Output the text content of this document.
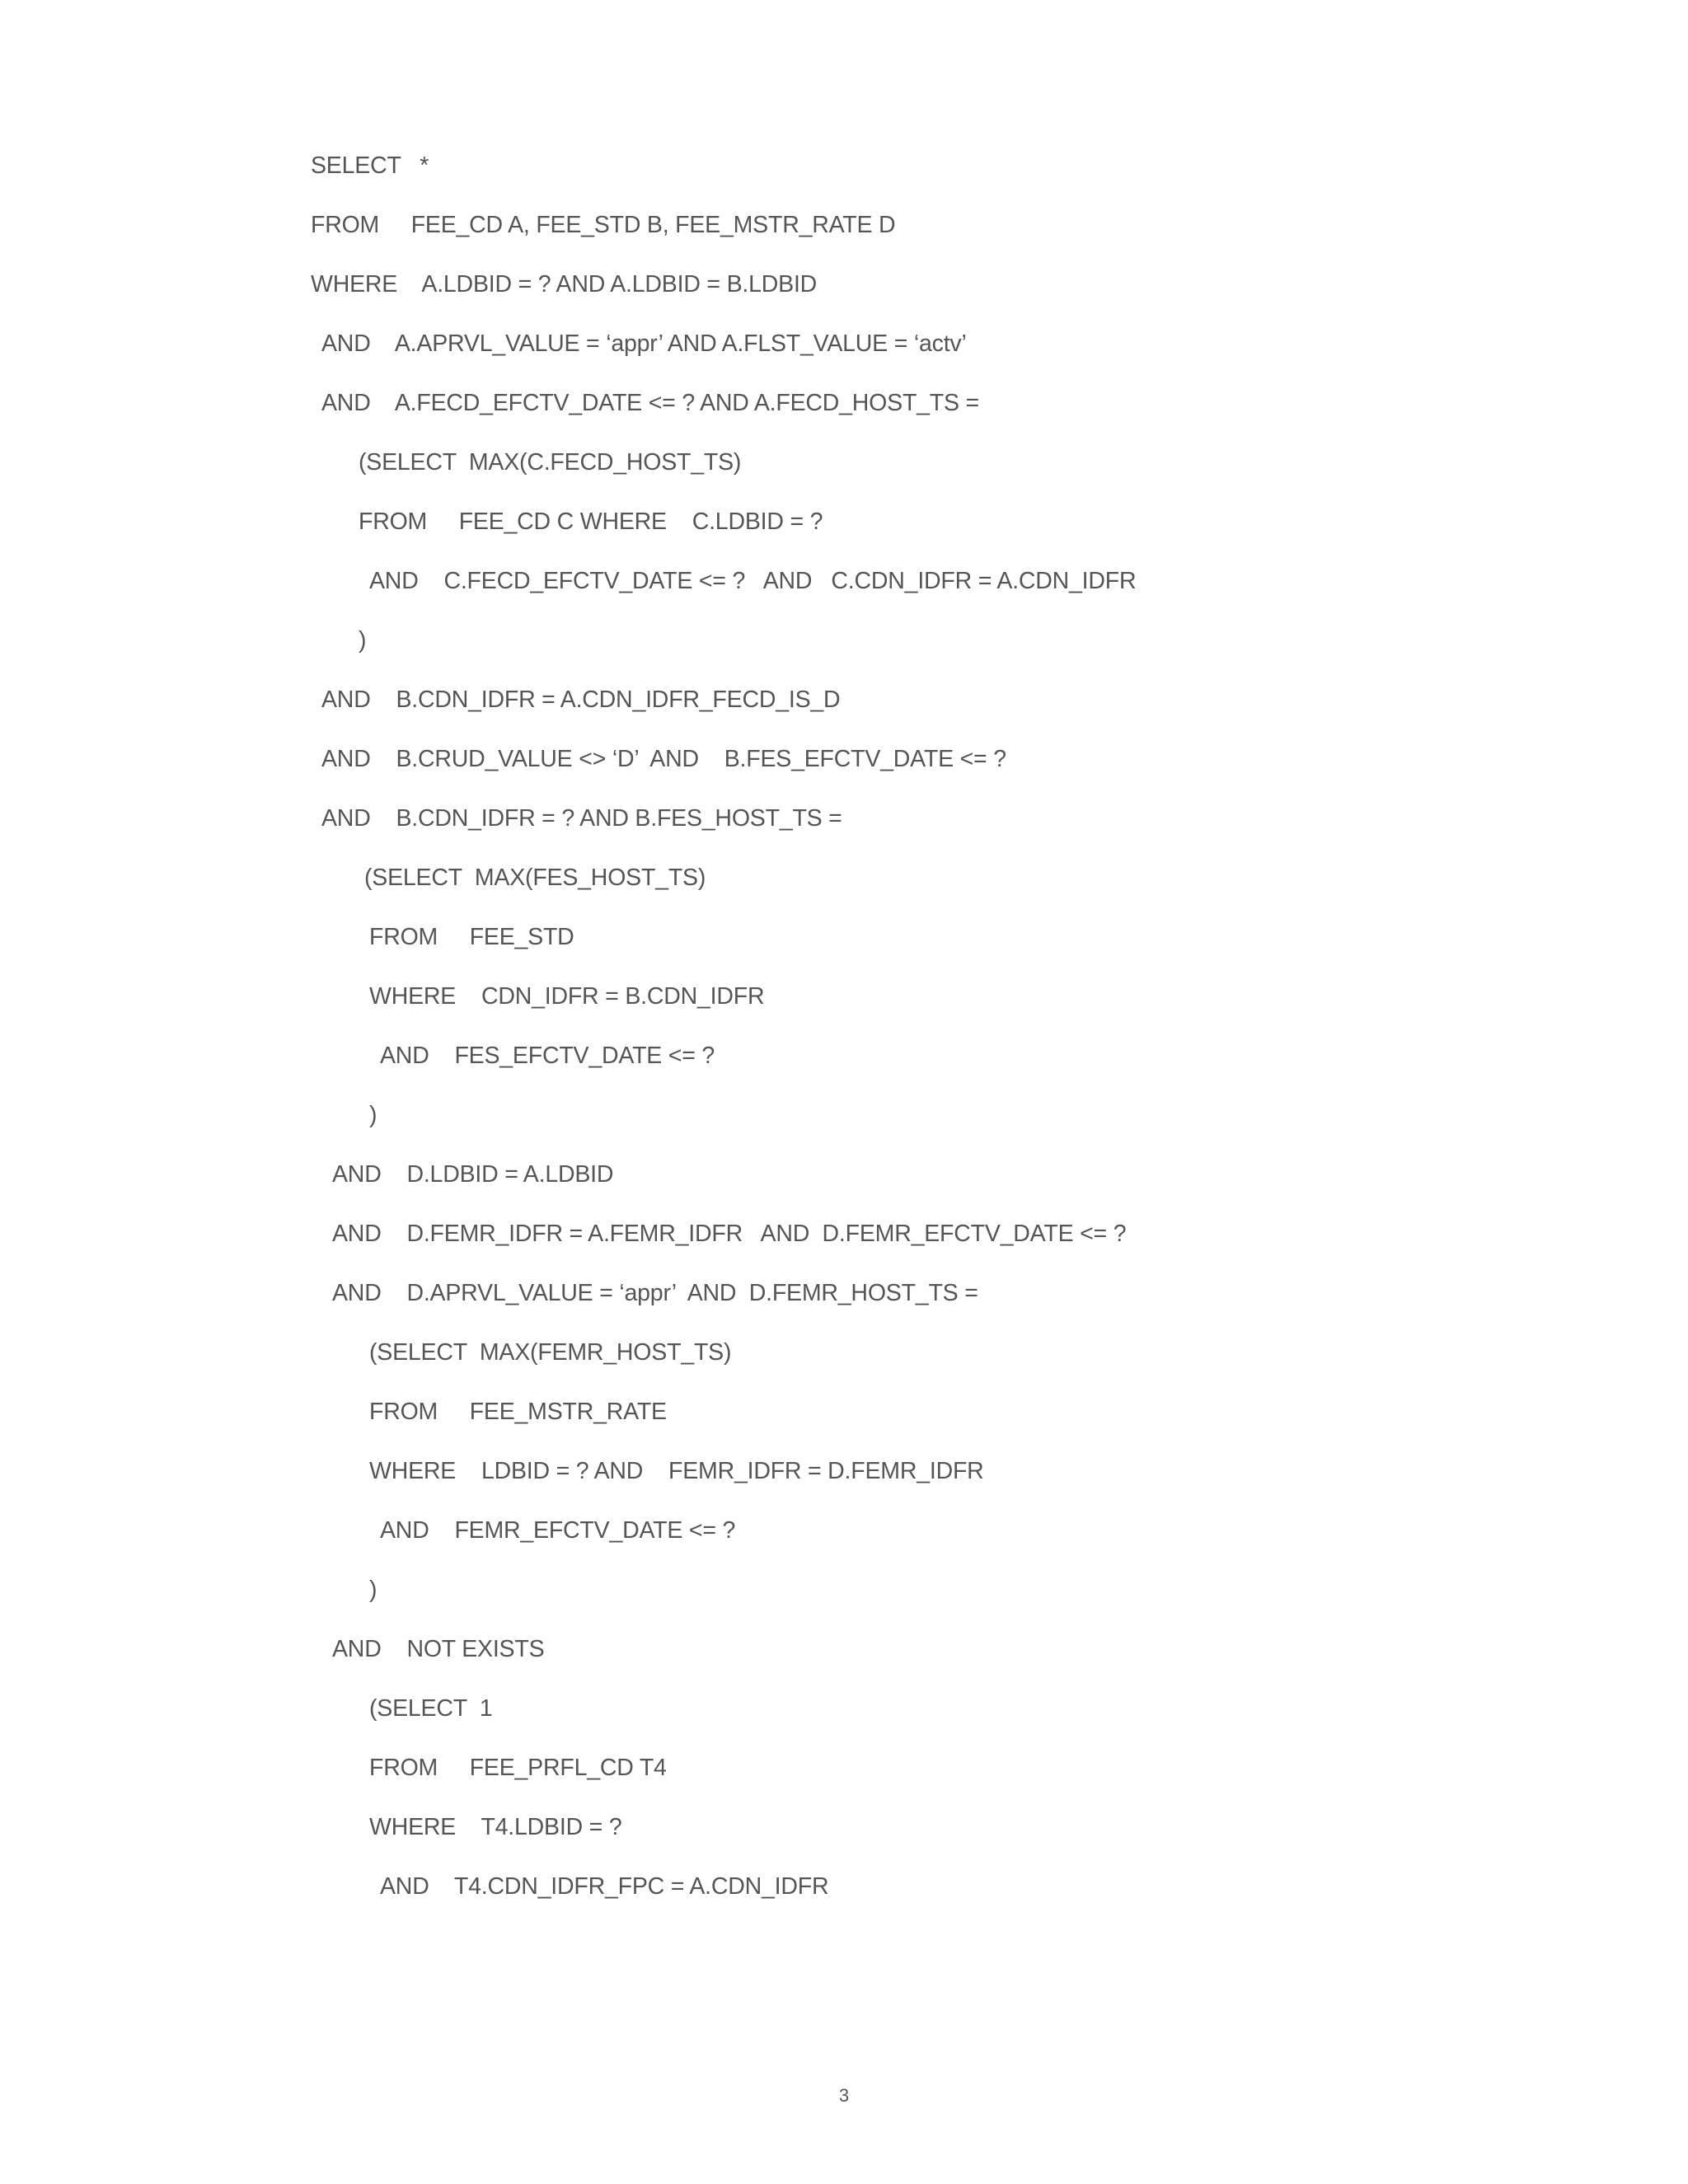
SELECT   *
FROM     FEE_CD A, FEE_STD B, FEE_MSTR_RATE D
WHERE    A.LDBID = ? AND A.LDBID = B.LDBID
AND    A.APRVL_VALUE = ‘appr’ AND A.FLST_VALUE = ‘actv’
AND    A.FECD_EFCTV_DATE <= ? AND A.FECD_HOST_TS =
(SELECT  MAX(C.FECD_HOST_TS)
FROM     FEE_CD C WHERE    C.LDBID = ?
AND    C.FECD_EFCTV_DATE <= ?   AND   C.CDN_IDFR = A.CDN_IDFR
)
AND    B.CDN_IDFR = A.CDN_IDFR_FECD_IS_D
AND    B.CRUD_VALUE <> ‘D’  AND    B.FES_EFCTV_DATE <= ?
AND    B.CDN_IDFR = ? AND B.FES_HOST_TS =
(SELECT  MAX(FES_HOST_TS)
FROM     FEE_STD
WHERE    CDN_IDFR = B.CDN_IDFR
AND    FES_EFCTV_DATE <= ?
)
AND    D.LDBID = A.LDBID
AND    D.FEMR_IDFR = A.FEMR_IDFR   AND  D.FEMR_EFCTV_DATE <= ?
AND    D.APRVL_VALUE = ‘appr’  AND  D.FEMR_HOST_TS =
(SELECT  MAX(FEMR_HOST_TS)
FROM     FEE_MSTR_RATE
WHERE    LDBID = ? AND    FEMR_IDFR = D.FEMR_IDFR
AND    FEMR_EFCTV_DATE <= ?
)
AND    NOT EXISTS
(SELECT  1
FROM     FEE_PRFL_CD T4
WHERE    T4.LDBID = ?
AND    T4.CDN_IDFR_FPC = A.CDN_IDFR
3
